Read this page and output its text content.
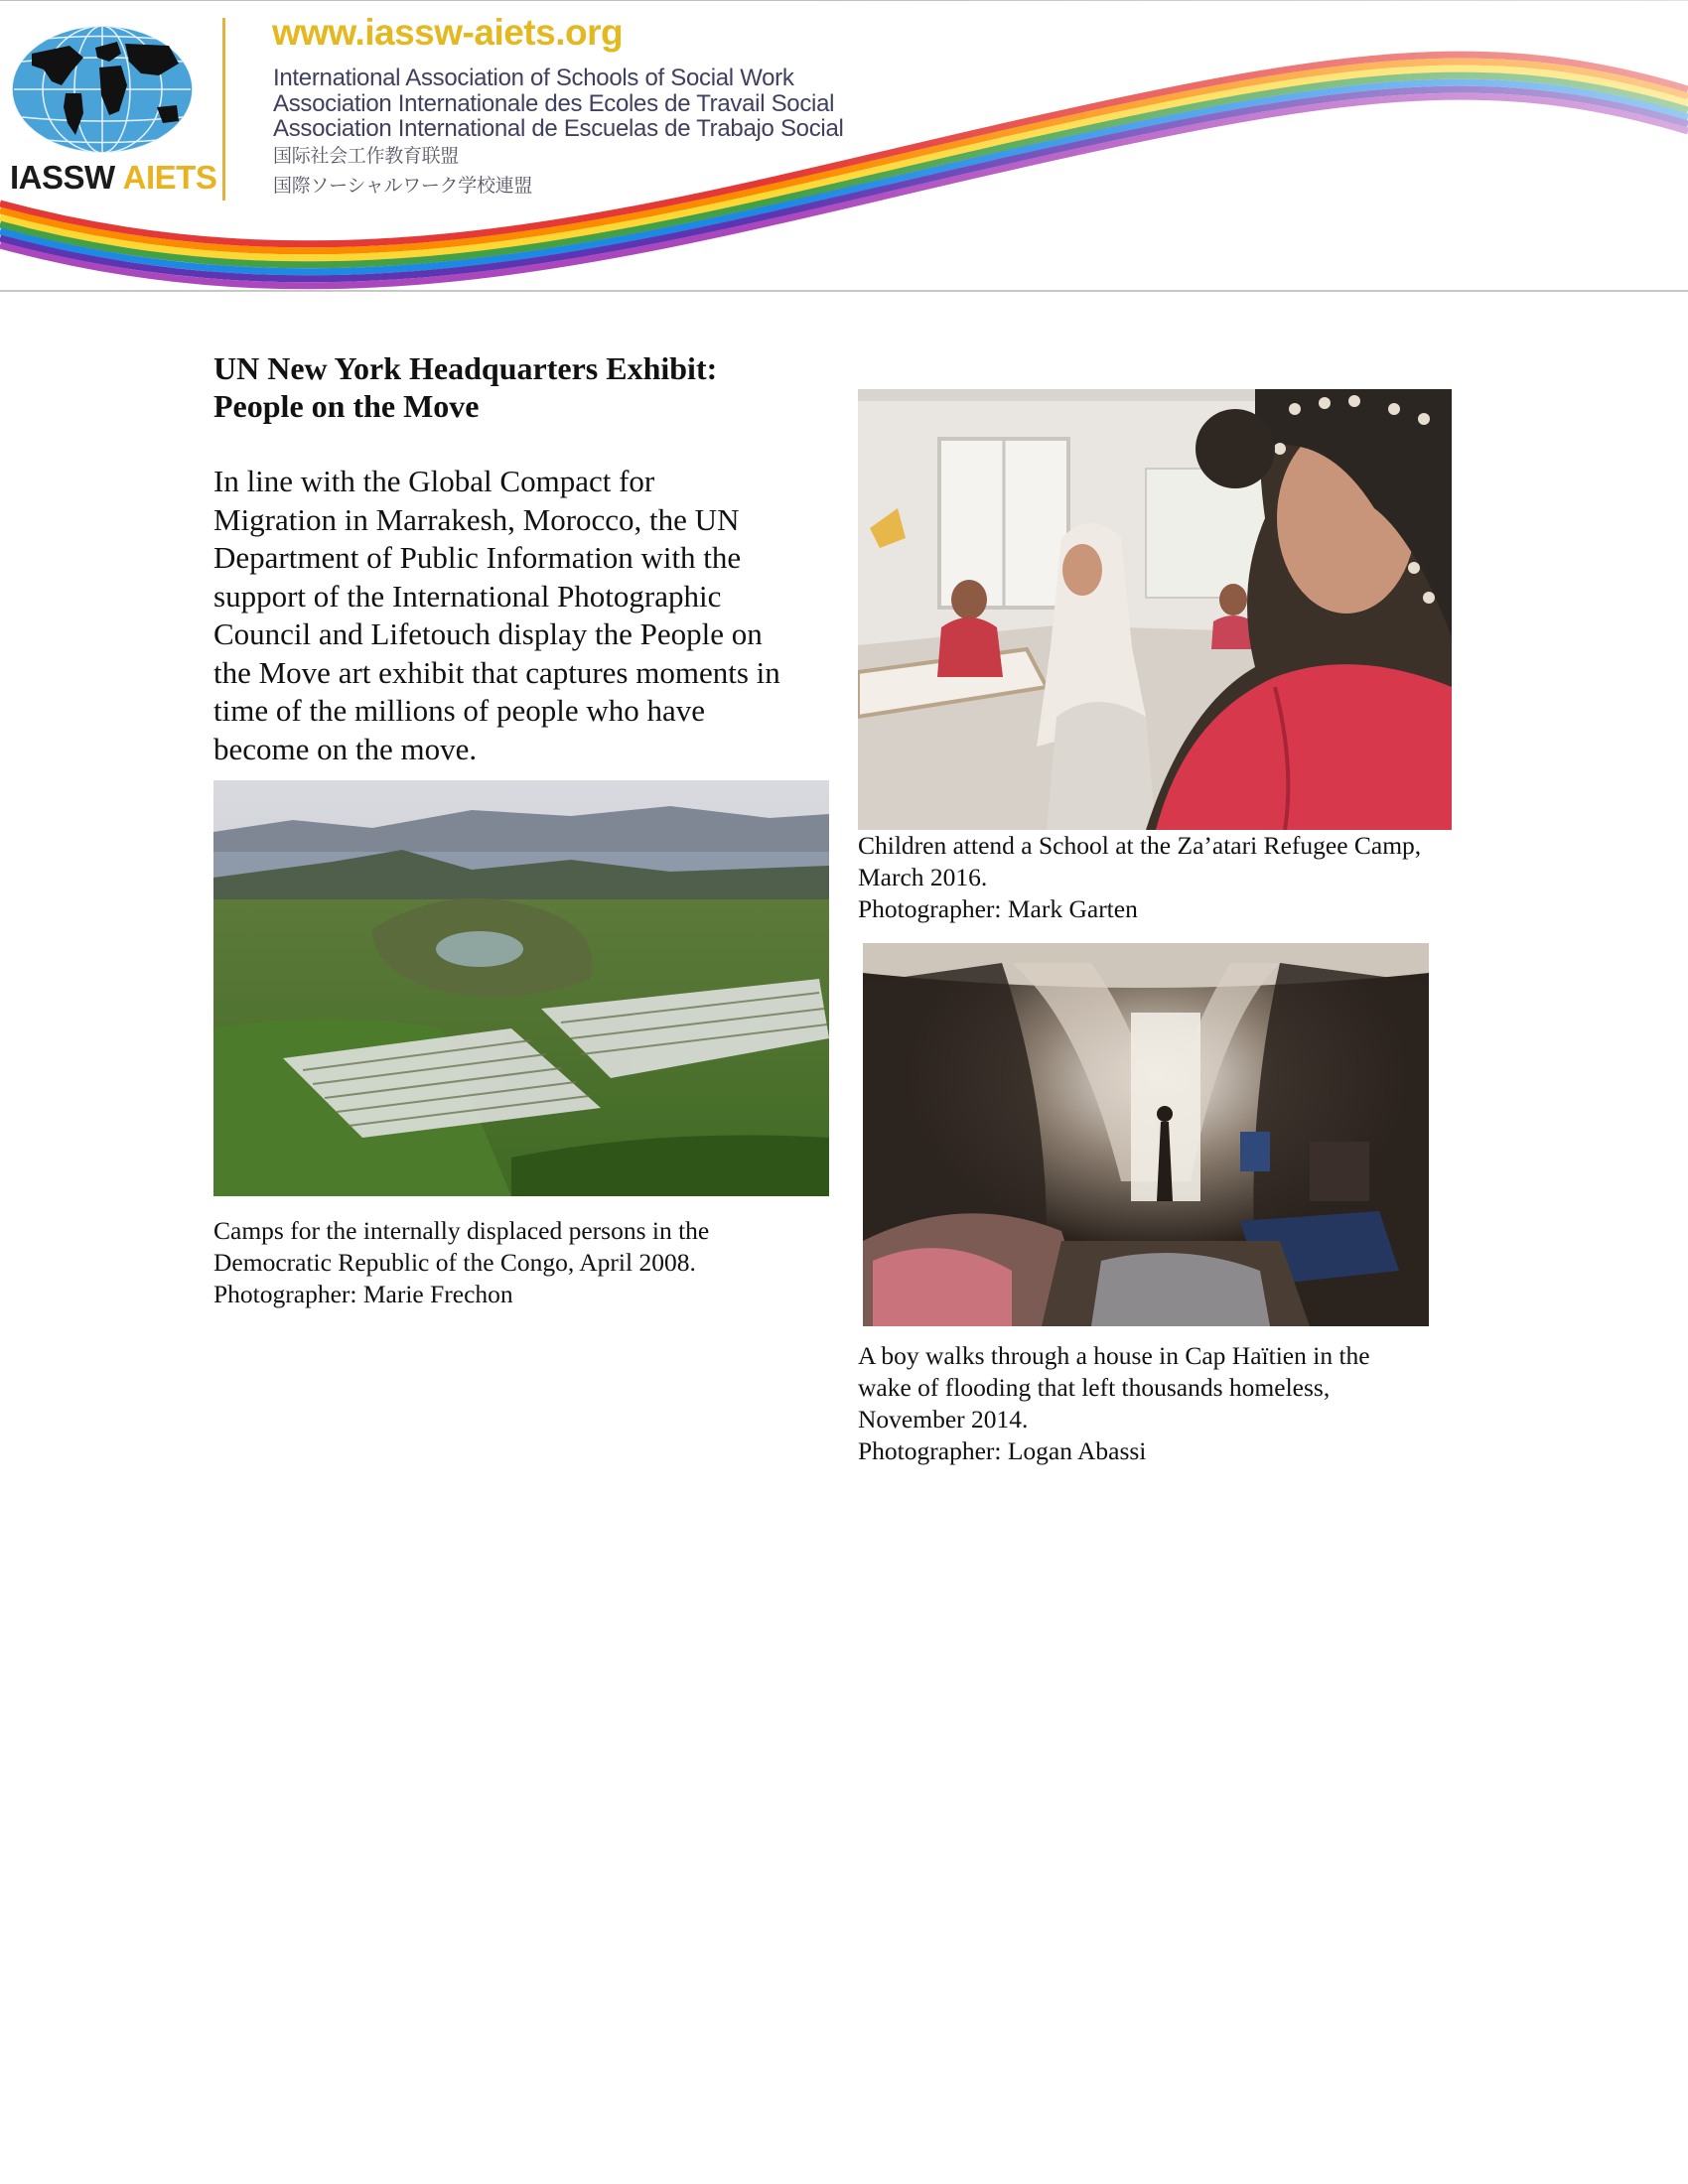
IASSW AIETS
www.iassw-aiets.org
International Association of Schools of Social Work
Association Internationale des Ecoles de Travail Social
Association International de Escuelas de Trabajo Social
国际社会工作教育联盟
国際ソーシャルワーク学校連盟
UN New York Headquarters Exhibit:
People on the Move
In line with the Global Compact for
Migration in Marrakesh, Morocco, the UN
Department of Public Information with the
support of the International Photographic
Council and Lifetouch display the People on
the Move art exhibit that captures moments in
time of the millions of people who have
become on the move.
Camps for the internally displaced persons in the
Democratic Republic of the Congo, April 2008.
Photographer: Marie Frechon
Children attend a School at the Za’atari Refugee Camp,
March 2016.
Photographer: Mark Garten
A boy walks through a house in Cap Haïtien in the
wake of flooding that left thousands homeless,
November 2014.
Photographer: Logan Abassi
